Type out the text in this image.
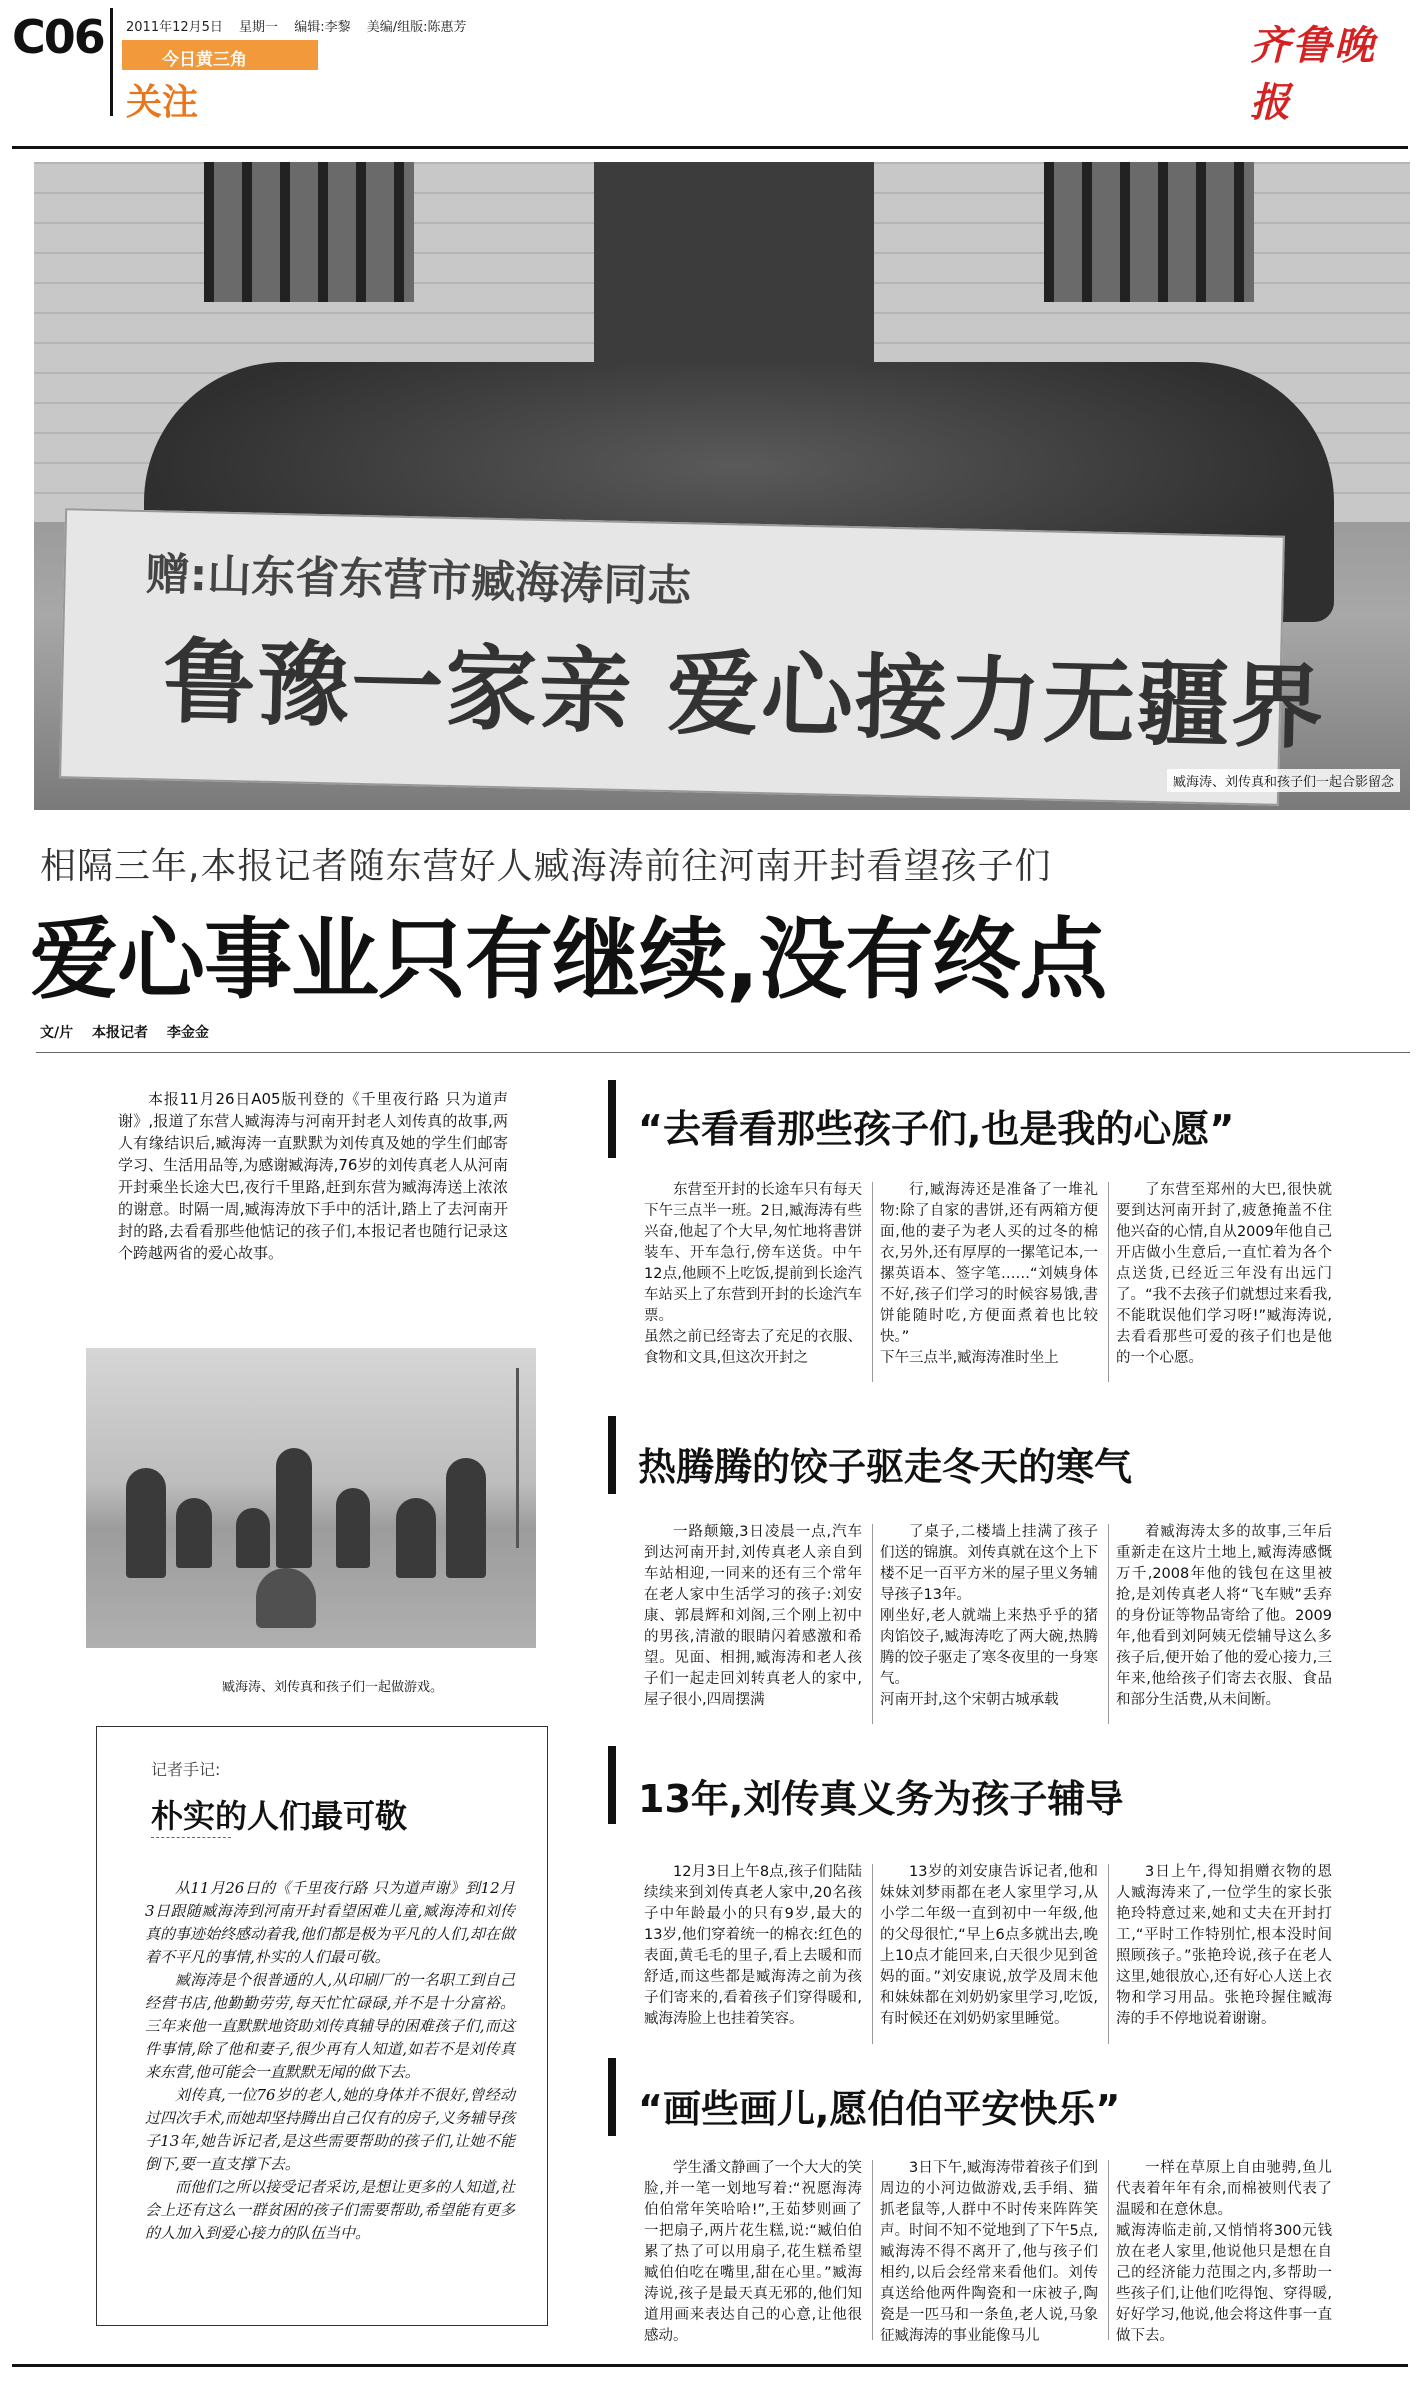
C06 2011年12月5日 星期一 编辑:李黎 美编/组版:陈惠芳
今日黄三角
关注
齐鲁晚报
赠:山东省东营市臧海涛同志
鲁豫一家亲 爱心接力无疆界
臧海涛、刘传真和孩子们一起合影留念
相隔三年,本报记者随东营好人臧海涛前往河南开封看望孩子们
爱心事业只有继续,没有终点
文/片 本报记者 李金金
本报11月26日A05版刊登的《千里夜行路 只为道声谢》,报道了东营人臧海涛与河南开封老人刘传真的故事,两人有缘结识后,臧海涛一直默默为刘传真及她的学生们邮寄学习、生活用品等,为感谢臧海涛,76岁的刘传真老人从河南开封乘坐长途大巴,夜行千里路,赶到东营为臧海涛送上浓浓的谢意。时隔一周,臧海涛放下手中的活计,踏上了去河南开封的路,去看看那些他惦记的孩子们,本报记者也随行记录这个跨越两省的爱心故事。
臧海涛、刘传真和孩子们一起做游戏。
记者手记:
朴实的人们最可敬

从11月26日的《千里夜行路 只为道声谢》到12月3日跟随臧海涛到河南开封看望困难儿童,臧海涛和刘传真的事迹始终感动着我,他们都是极为平凡的人们,却在做着不平凡的事情,朴实的人们最可敬。

臧海涛是个很普通的人,从印刷厂的一名职工到自己经营书店,他勤勤劳劳,每天忙忙碌碌,并不是十分富裕。三年来他一直默默地资助刘传真辅导的困难孩子们,而这件事情,除了他和妻子,很少再有人知道,如若不是刘传真来东营,他可能会一直默默无闻的做下去。

刘传真,一位76岁的老人,她的身体并不很好,曾经动过四次手术,而她却坚持腾出自己仅有的房子,义务辅导孩子13年,她告诉记者,是这些需要帮助的孩子们,让她不能倒下,要一直支撑下去。

而他们之所以接受记者采访,是想让更多的人知道,社会上还有这么一群贫困的孩子们需要帮助,希望能有更多的人加入到爱心接力的队伍当中。

“去看看那些孩子们,也是我的心愿”
东营至开封的长途车只有每天下午三点半一班。2日,臧海涛有些兴奋,他起了个大早,匆忙地将書饼装车、开车急行,傍车送货。中午12点,他顾不上吃饭,提前到长途汽车站买上了东营到开封的长途汽车票。
虽然之前已经寄去了充足的衣服、食物和文具,但这次开封之
行,臧海涛还是准备了一堆礼物:除了自家的書饼,还有两箱方便面,他的妻子为老人买的过冬的棉衣,另外,还有厚厚的一摞笔记本,一摞英语本、签字笔……“刘姨身体不好,孩子们学习的时候容易饿,書饼能随时吃,方便面煮着也比较快。”
下午三点半,臧海涛准时坐上
了东营至郑州的大巴,很快就要到达河南开封了,疲惫掩盖不住他兴奋的心情,自从2009年他自己开店做小生意后,一直忙着为各个点送货,已经近三年没有出远门了。“我不去孩子们就想过来看我,不能耽误他们学习呀!”臧海涛说,去看看那些可爱的孩子们也是他的一个心愿。
热腾腾的饺子驱走冬天的寒气
一路颠簸,3日凌晨一点,汽车到达河南开封,刘传真老人亲自到车站相迎,一同来的还有三个常年在老人家中生活学习的孩子:刘安康、郭晨辉和刘阁,三个刚上初中的男孩,清澈的眼睛闪着感激和希望。见面、相拥,臧海涛和老人孩子们一起走回刘转真老人的家中,屋子很小,四周摆满
了桌子,二楼墙上挂满了孩子们送的锦旗。刘传真就在这个上下楼不足一百平方米的屋子里义务辅导孩子13年。
刚坐好,老人就端上来热乎乎的猪肉馅饺子,臧海涛吃了两大碗,热腾腾的饺子驱走了寒冬夜里的一身寒气。
河南开封,这个宋朝古城承载
着臧海涛太多的故事,三年后重新走在这片土地上,臧海涛感慨万千,2008年他的钱包在这里被抢,是刘传真老人将“飞车贼”丢弃的身份证等物品寄给了他。2009年,他看到刘阿姨无偿辅导这么多孩子后,便开始了他的爱心接力,三年来,他给孩子们寄去衣服、食品和部分生活费,从未间断。
13年,刘传真义务为孩子辅导
12月3日上午8点,孩子们陆陆续续来到刘传真老人家中,20名孩子中年龄最小的只有9岁,最大的13岁,他们穿着统一的棉衣:红色的表面,黄毛毛的里子,看上去暖和而舒适,而这些都是臧海涛之前为孩子们寄来的,看着孩子们穿得暖和,臧海涛脸上也挂着笑容。
13岁的刘安康告诉记者,他和妹妹刘梦雨都在老人家里学习,从小学二年级一直到初中一年级,他的父母很忙,“早上6点多就出去,晚上10点才能回来,白天很少见到爸妈的面。”刘安康说,放学及周末他和妹妹都在刘奶奶家里学习,吃饭,有时候还在刘奶奶家里睡觉。
3日上午,得知捐赠衣物的恩人臧海涛来了,一位学生的家长张艳玲特意过来,她和丈夫在开封打工,“平时工作特别忙,根本没时间照顾孩子。”张艳玲说,孩子在老人这里,她很放心,还有好心人送上衣物和学习用品。张艳玲握住臧海涛的手不停地说着谢谢。
“画些画儿,愿伯伯平安快乐”
学生潘文静画了一个大大的笑脸,并一笔一划地写着:“祝愿海涛伯伯常年笑哈哈!”,王茹梦则画了一把扇子,两片花生糕,说:“臧伯伯累了热了可以用扇子,花生糕希望臧伯伯吃在嘴里,甜在心里。”臧海涛说,孩子是最天真无邪的,他们知道用画来表达自己的心意,让他很感动。
3日下午,臧海涛带着孩子们到周边的小河边做游戏,丢手绢、猫抓老鼠等,人群中不时传来阵阵笑声。时间不知不觉地到了下午5点,臧海涛不得不离开了,他与孩子们相约,以后会经常来看他们。刘传真送给他两件陶瓷和一床被子,陶瓷是一匹马和一条鱼,老人说,马象征臧海涛的事业能像马儿
一样在草原上自由驰骋,鱼儿代表着年年有余,而棉被则代表了温暖和在意休息。
臧海涛临走前,又悄悄将300元钱放在老人家里,他说他只是想在自己的经济能力范围之内,多帮助一些孩子们,让他们吃得饱、穿得暖,好好学习,他说,他会将这件事一直做下去。
